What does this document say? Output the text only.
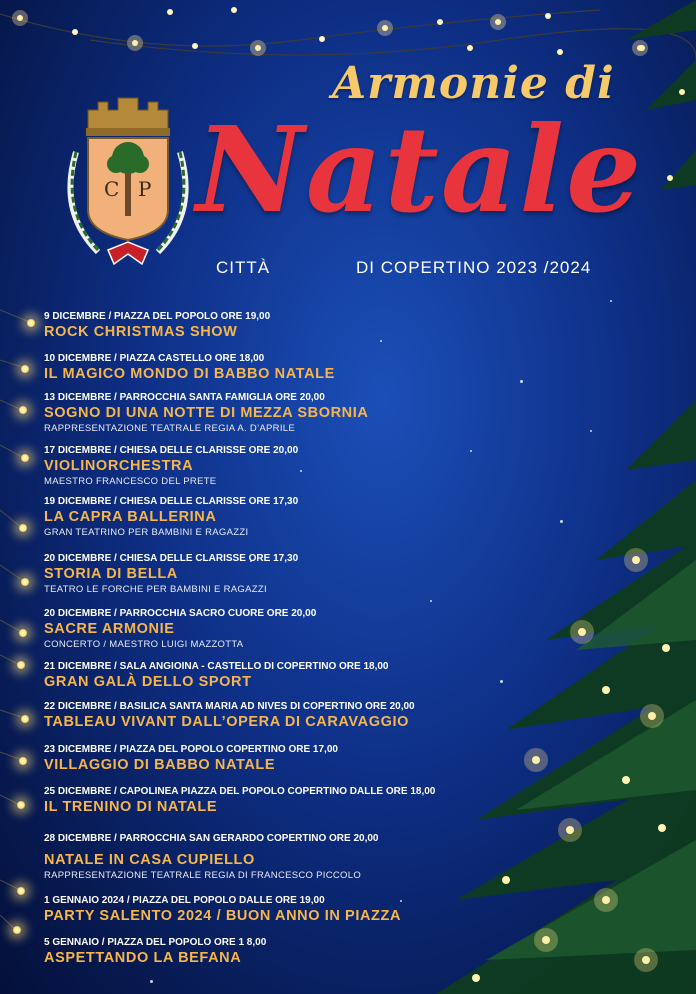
C P
Armonie di
Natale
CITTÀ	DI COPERTINO 2023 /2024
9 DICEMBRE / PIAZZA DEL POPOLO ORE 19,00
ROCK CHRISTMAS SHOW
10 DICEMBRE / PIAZZA CASTELLO ORE 18,00
IL MAGICO MONDO DI BABBO NATALE
13 DICEMBRE / PARROCCHIA SANTA FAMIGLIA ORE 20,00
SOGNO DI UNA NOTTE DI MEZZA SBORNIA
RAPPRESENTAZIONE TEATRALE REGIA A. D’APRILE
17 DICEMBRE / CHIESA DELLE CLARISSE ORE 20,00
VIOLINORCHESTRA
MAESTRO FRANCESCO DEL PRETE
19 DICEMBRE / CHIESA DELLE CLARISSE ORE 17,30
LA CAPRA BALLERINA
GRAN TEATRINO PER BAMBINI E RAGAZZI
20 DICEMBRE / CHIESA DELLE CLARISSE ORE 17,30
STORIA DI BELLA
TEATRO LE FORCHE PER BAMBINI E RAGAZZI
20 DICEMBRE / PARROCCHIA SACRO CUORE ORE 20,00
SACRE ARMONIE
CONCERTO / MAESTRO LUIGI MAZZOTTA
21 DICEMBRE / SALA ANGIOINA - CASTELLO DI COPERTINO ORE 18,00
GRAN GALÀ DELLO SPORT
22 DICEMBRE / BASILICA SANTA MARIA AD NIVES DI COPERTINO ORE 20,00
TABLEAU VIVANT DALL’OPERA DI CARAVAGGIO
23 DICEMBRE / PIAZZA DEL POPOLO COPERTINO ORE 17,00
VILLAGGIO DI BABBO NATALE
25 DICEMBRE / CAPOLINEA PIAZZA DEL POPOLO COPERTINO DALLE ORE 18,00
IL TRENINO DI NATALE
28 DICEMBRE / PARROCCHIA SAN GERARDO COPERTINO ORE 20,00
NATALE IN CASA CUPIELLO
RAPPRESENTAZIONE TEATRALE REGIA DI FRANCESCO PICCOLO
1 GENNAIO 2024 / PIAZZA DEL POPOLO DALLE ORE 19,00
PARTY SALENTO 2024 / BUON ANNO IN PIAZZA
5 GENNAIO / PIAZZA DEL POPOLO ORE 1 8,00
ASPETTANDO LA BEFANA
